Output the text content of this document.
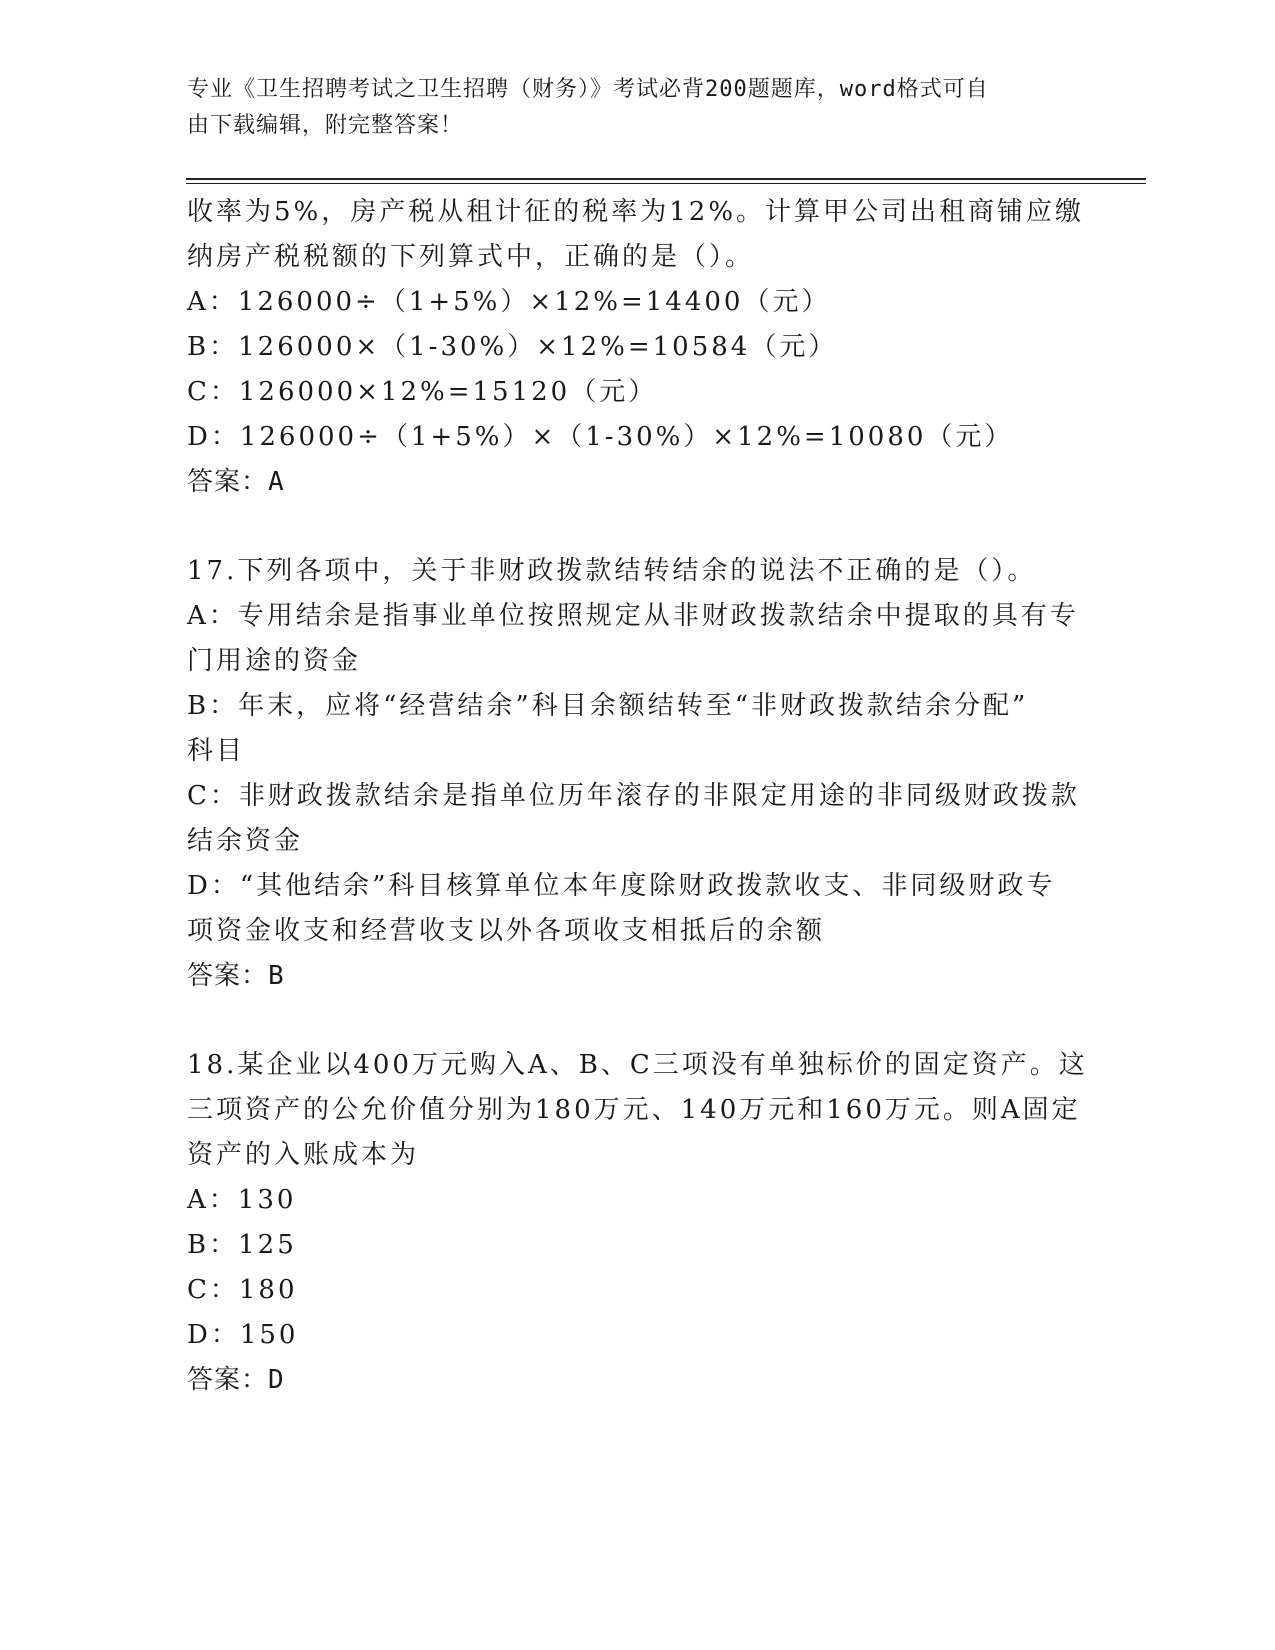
专业《卫生招聘考试之卫生招聘（财务）》考试必背200题题库，word格式可自
由下载编辑，附完整答案！
收率为5%，房产税从租计征的税率为12%。计算甲公司出租商铺应缴
纳房产税税额的下列算式中，正确的是（）。
A：126000÷（1+5%）×12%=14400（元）
B：126000×（1-30%）×12%=10584（元）
C：126000×12%=15120（元）
D：126000÷（1+5%）×（1-30%）×12%=10080（元）
答案：A
17.下列各项中，关于非财政拨款结转结余的说法不正确的是（）。
A：专用结余是指事业单位按照规定从非财政拨款结余中提取的具有专
门用途的资金
B：年末，应将“经营结余”科目余额结转至“非财政拨款结余分配”
科目
C：非财政拨款结余是指单位历年滚存的非限定用途的非同级财政拨款
结余资金
D：“其他结余”科目核算单位本年度除财政拨款收支、非同级财政专
项资金收支和经营收支以外各项收支相抵后的余额
答案：B
18.某企业以400万元购入A、B、C三项没有单独标价的固定资产。这
三项资产的公允价值分别为180万元、140万元和160万元。则A固定
资产的入账成本为
A：130
B：125
C：180
D：150
答案：D
